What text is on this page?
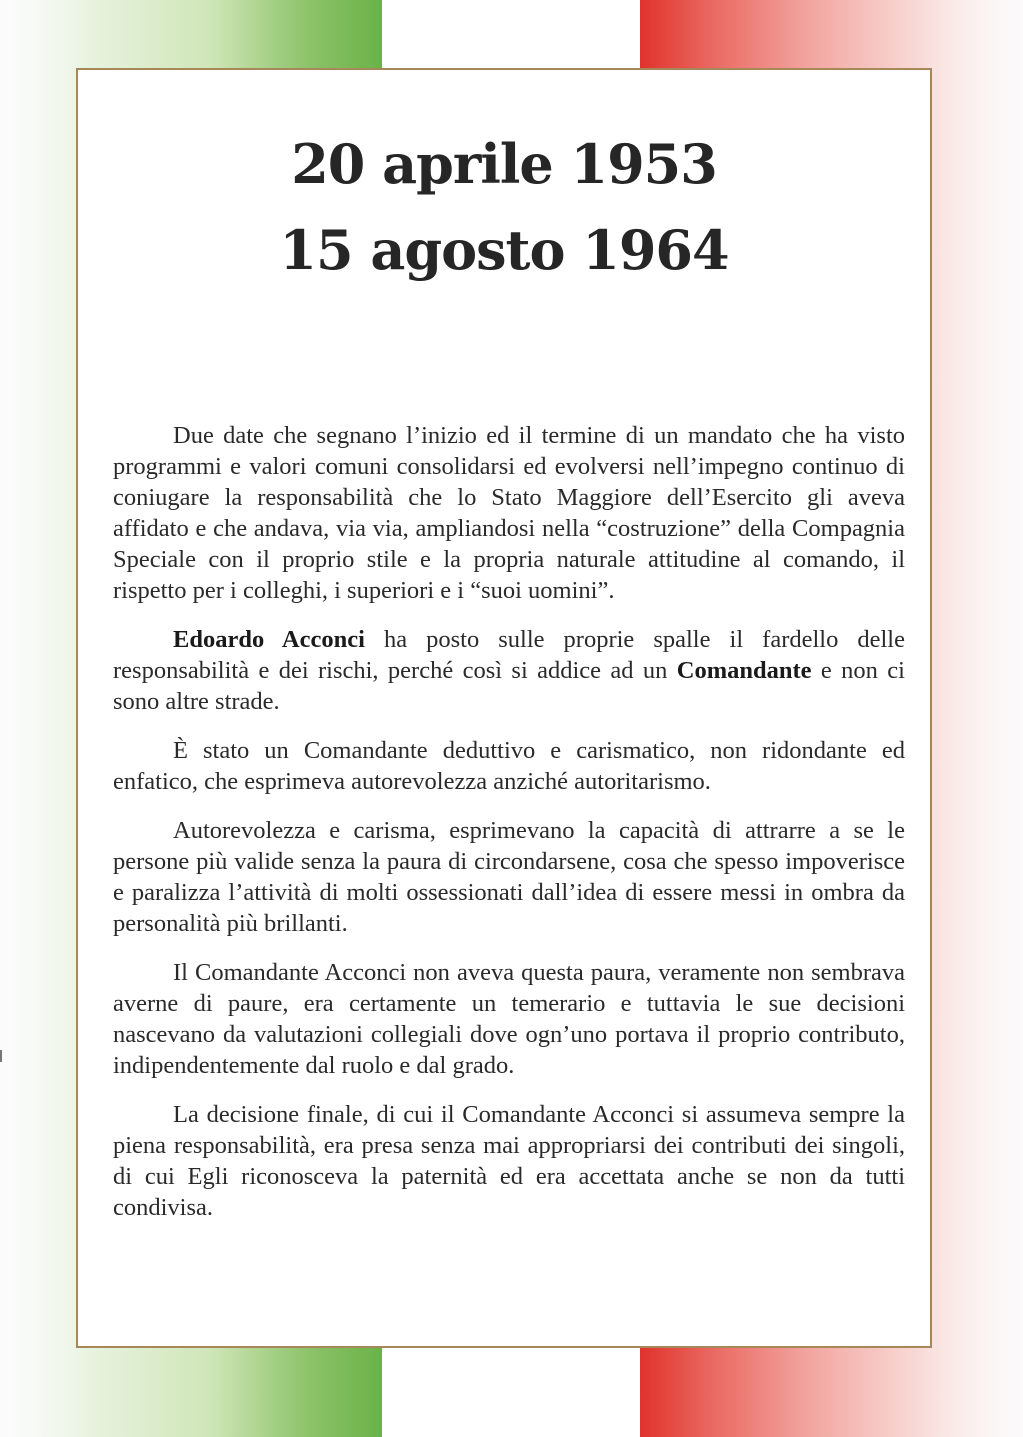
20 aprile 1953
15 agosto 1964

Due date che segnano l’inizio ed il termine di un mandato che ha visto programmi e valori comuni consolidarsi ed evolversi nell’impegno continuo di coniugare la responsabilità che lo Stato Maggiore dell’Esercito gli aveva affidato e che andava, via via, ampliandosi nella “costruzione” della Compagnia Speciale con il proprio stile e la propria naturale attitudine al comando, il rispetto per i colleghi, i superiori e i “suoi uomini”.

Edoardo Acconci ha posto sulle proprie spalle il fardello delle responsabilità e dei rischi, perché così si addice ad un Comandante e non ci sono altre strade.

È stato un Comandante deduttivo e carismatico, non ridondante ed enfatico, che esprimeva autorevolezza anziché autoritarismo.

Autorevolezza e carisma, esprimevano la capacità di attrarre a se le persone più valide senza la paura di circondarsene, cosa che spesso impoverisce e paralizza l’attività di molti ossessionati dall’idea di essere messi in ombra da personalità più brillanti.

Il Comandante Acconci non aveva questa paura, veramente non sembrava averne di paure, era certamente un temerario e tuttavia le sue decisioni nascevano da valutazioni collegiali dove ogn’uno portava il proprio contributo, indipendentemente dal ruolo e dal grado.

La decisione finale, di cui il Comandante Acconci si assumeva sempre la piena responsabilità, era presa senza mai appropriarsi dei contributi dei singoli, di cui Egli riconosceva la paternità ed era accettata anche se non da tutti condivisa.
